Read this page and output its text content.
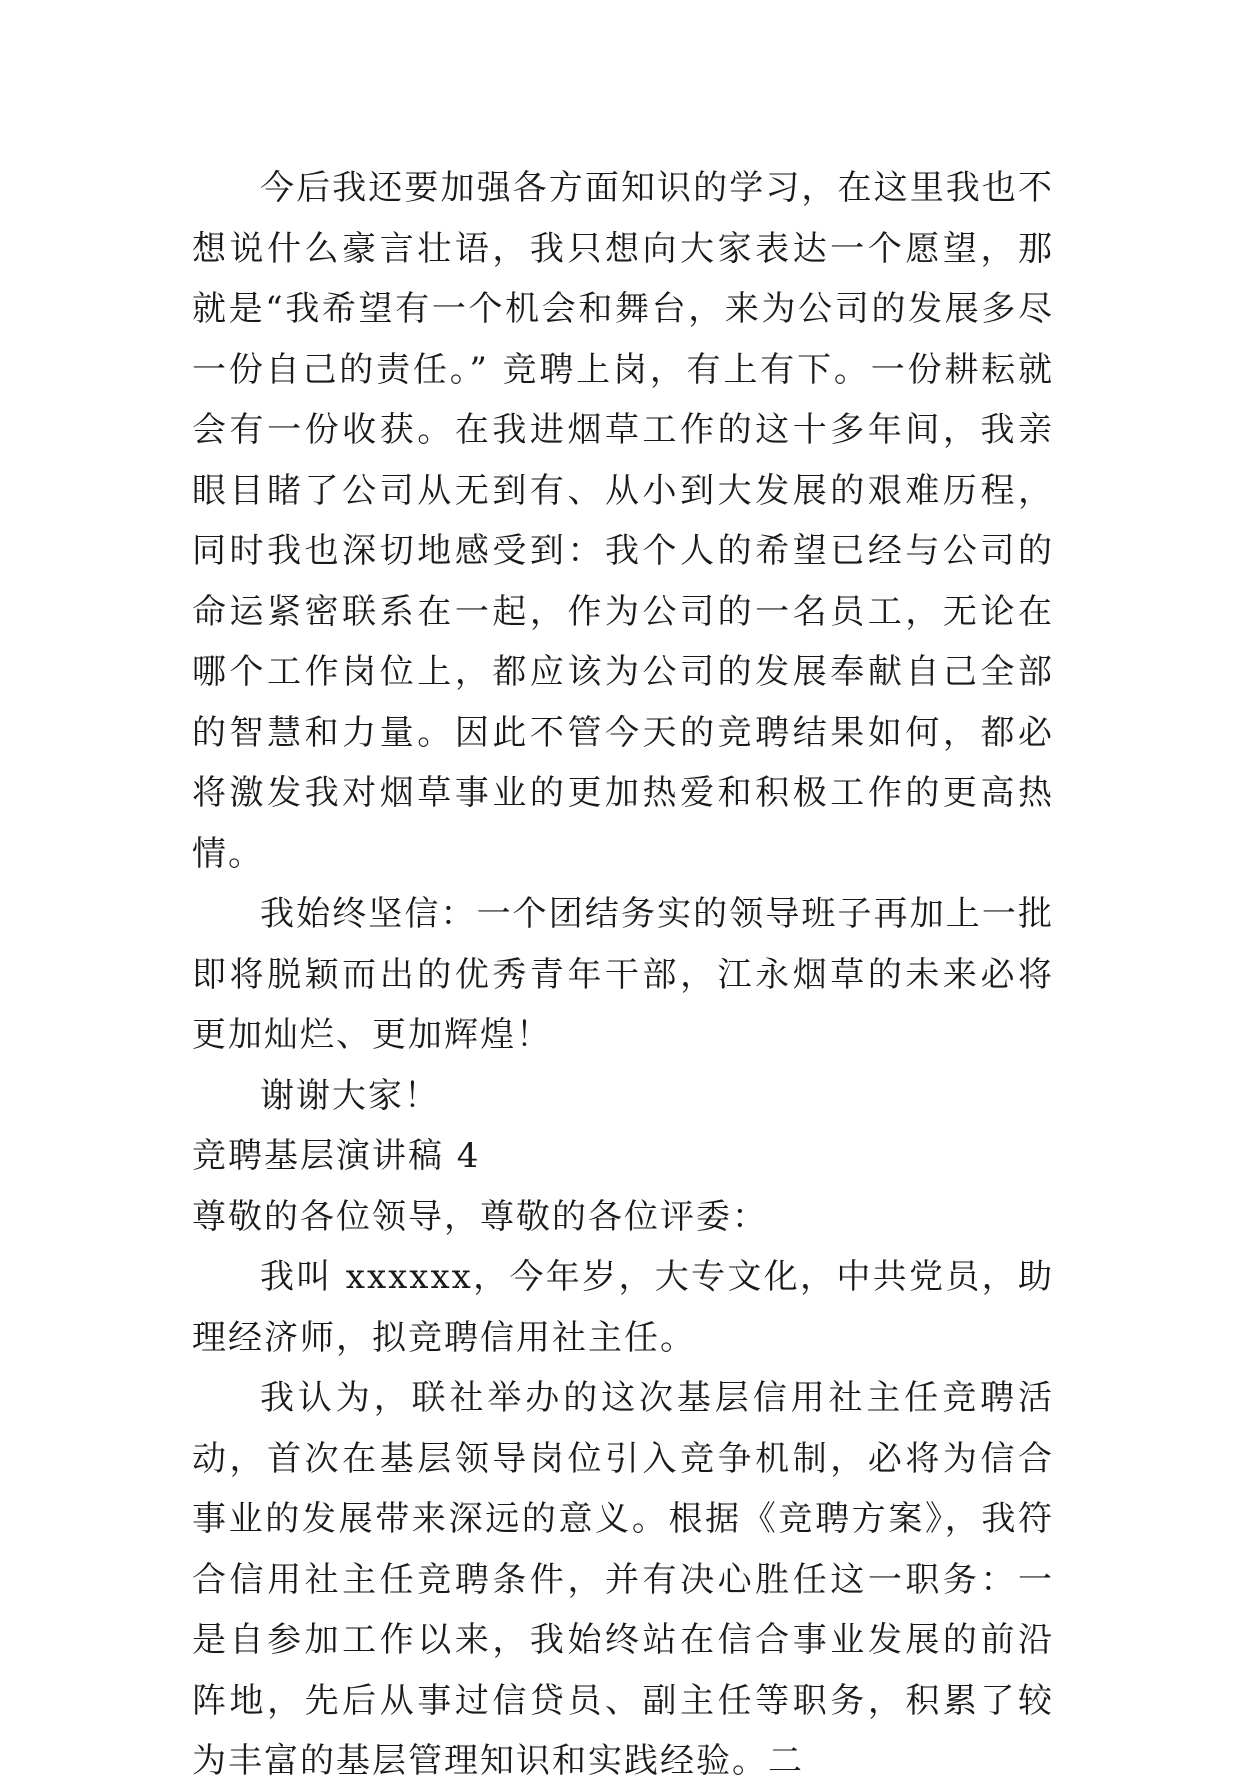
今后我还要加强各方面知识的学习，在这里我也不想说什么豪言壮语，我只想向大家表达一个愿望，那就是“我希望有一个机会和舞台，来为公司的发展多尽一份自己的责任。” 竞聘上岗，有上有下。一份耕耘就会有一份收获。在我进烟草工作的这十多年间，我亲眼目睹了公司从无到有、从小到大发展的艰难历程，同时我也深切地感受到：我个人的希望已经与公司的命运紧密联系在一起，作为公司的一名员工，无论在哪个工作岗位上，都应该为公司的发展奉献自己全部的智慧和力量。因此不管今天的竞聘结果如何，都必将激发我对烟草事业的更加热爱和积极工作的更高热情。

我始终坚信：一个团结务实的领导班子再加上一批即将脱颖而出的优秀青年干部，江永烟草的未来必将更加灿烂、更加辉煌！

谢谢大家！

竞聘基层演讲稿 4

尊敬的各位领导，尊敬的各位评委：

我叫 xxxxxx，今年岁，大专文化，中共党员，助理经济师，拟竞聘信用社主任。

我认为，联社举办的这次基层信用社主任竞聘活动，首次在基层领导岗位引入竞争机制，必将为信合事业的发展带来深远的意义。根据《竞聘方案》，我符合信用社主任竞聘条件，并有决心胜任这一职务：一是自参加工作以来，我始终站在信合事业发展的前沿阵地，先后从事过信贷员、副主任等职务，积累了较为丰富的基层管理知识和实践经验。二
